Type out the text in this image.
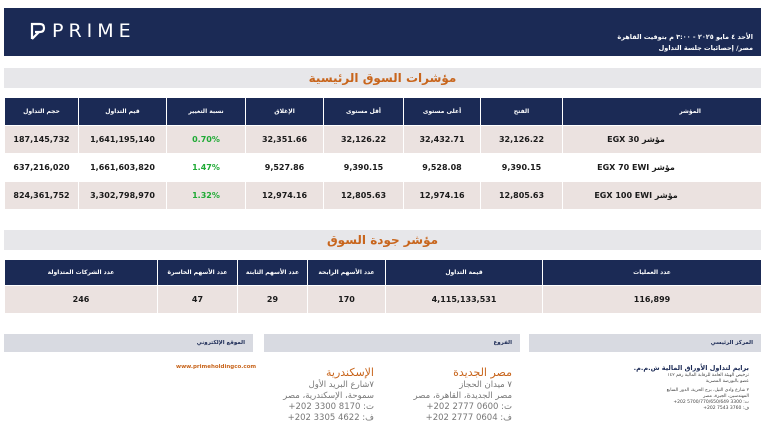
PRIME	الأحد ٤ مايو ٢٠٢٥ - ٣:٠٠ م بتوقيت القاهرة
مصر/ إحصائيات جلسة التداول
مؤشرات السوق الرئيسية
حجم التداول	قيم التداول	نسبة التغيير	الإغلاق	أقل مستوى	أعلى مستوى	الفتح	المؤشر
187,145,732	1,641,195,140	0.70%	32,351.66	32,126.22	32,432.71	32,126.22	مؤشر EGX 30
637,216,020	1,661,603,820	1.47%	9,527.86	9,390.15	9,528.08	9,390.15	مؤشر EGX 70 EWI
824,361,752	3,302,798,970	1.32%	12,974.16	12,805.63	12,974.16	12,805.63	مؤشر EGX 100 EWI
مؤشر جودة السوق
عدد الشركات المتداولة	عدد الأسهم الخاسرة	عدد الأسهم الثابتة	عدد الأسهم الرابحة	قيمة التداول	عدد العمليات
246	47	29	170	4,115,133,531	116,899
الموقع الإلكتروني	الفروع	المركز الرئيسي
www.primeholdingco.com	الإسكندرية
٧شارع البريد الأول
سموحة، الإسكندرية، مصر
ت: 8170 3300 202+
ف: 4622 3305 202+
مصر الجديدة
٧ ميدان الحجاز
مصر الجديدة، القاهرة، مصر
ت: 0600 2777 202+
ف: 0604 2777 202+
برايم لتداول الأوراق المالية ش.م.م.
ترخيص الهيئة العامة للرقابة المالية رقم ١٤٢
عضو بالبورصة المصرية
٢ شارع وادي النيل، برج الحرية، الدور السابع
المهندسين، الجيزة، مصر
ت: 3300 5700/770/650/649 202+
ف: 3760 7543 202+
